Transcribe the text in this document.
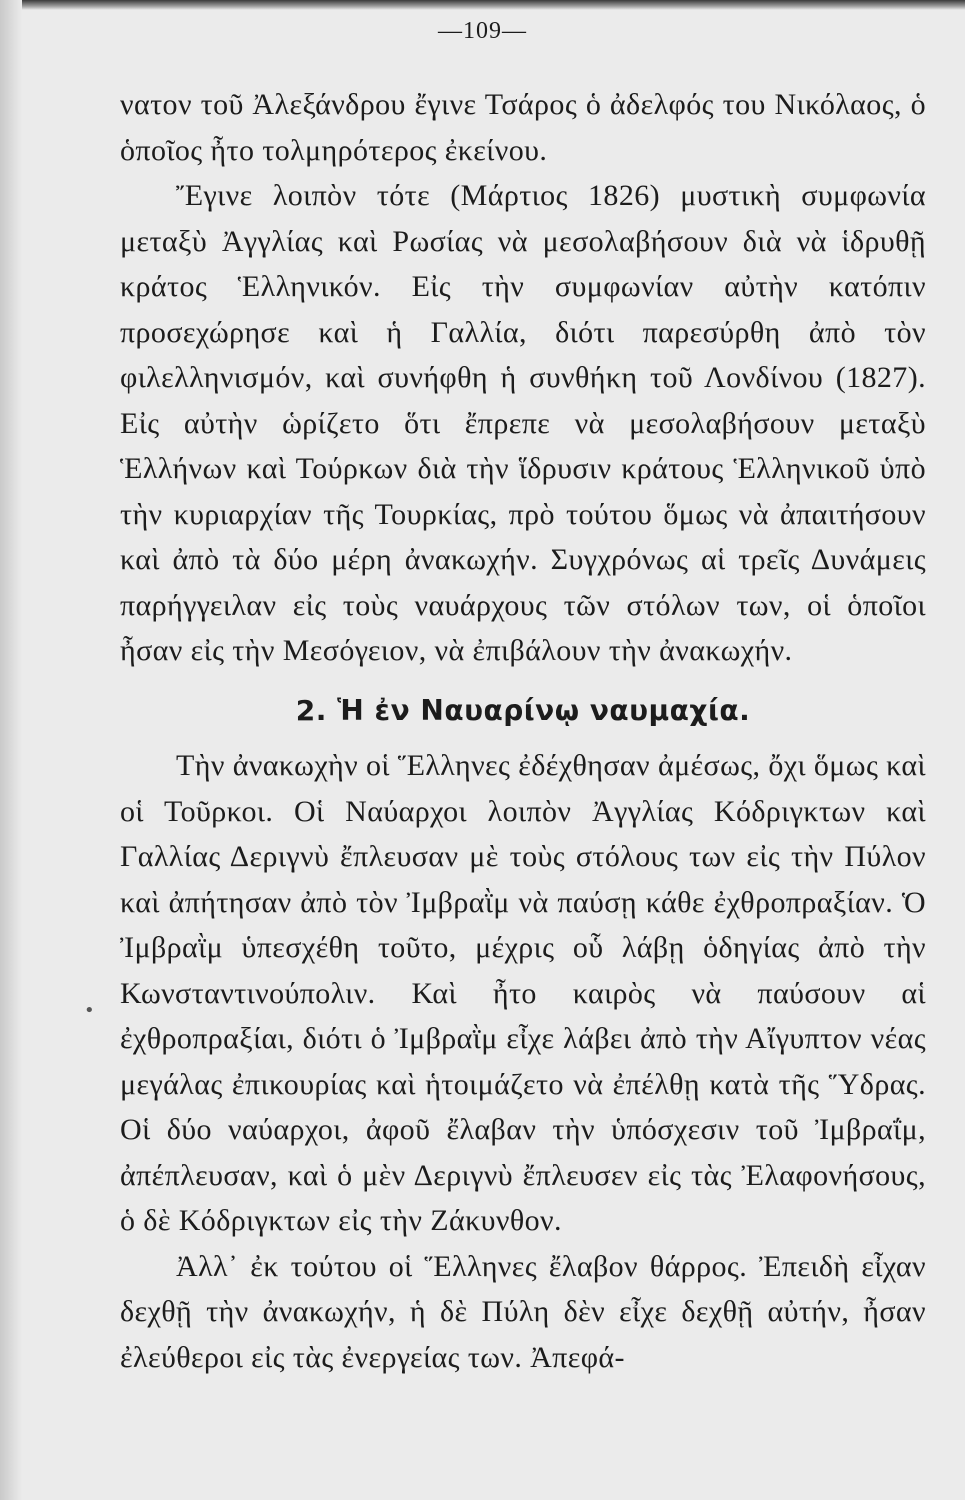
—109—
•

νατον τοῦ Ἀλεξάνδρου ἔγινε Τσάρος ὁ ἀδελφός του Νικόλαος, ὁ ὁποῖος ἦτο τολμηρότερος ἐκείνου.

Ἔγινε λοιπὸν τότε (Μάρτιος 1826) μυστικὴ συμφωνία μεταξὺ Ἀγγλίας καὶ Ρωσίας νὰ μεσολαβήσουν διὰ νὰ ἱδρυθῇ κράτος Ἑλληνικόν. Εἰς τὴν συμφωνίαν αὐτὴν κατόπιν προσεχώρησε καὶ ἡ Γαλλία, διότι παρεσύρθη ἀπὸ τὸν φιλελληνισμόν, καὶ συνήφθη ἡ συνθήκη τοῦ Λονδίνου (1827). Εἰς αὐτὴν ὡρίζετο ὅτι ἔπρεπε νὰ μεσολαβήσουν μεταξὺ Ἑλλήνων καὶ Τούρκων διὰ τὴν ἵδρυσιν κράτους Ἑλληνικοῦ ὑπὸ τὴν κυριαρχίαν τῆς Τουρκίας, πρὸ τούτου ὅμως νὰ ἀπαιτήσουν καὶ ἀπὸ τὰ δύο μέρη ἀνακωχήν. Συγχρόνως αἱ τρεῖς Δυνάμεις παρήγγειλαν εἰς τοὺς ναυάρχους τῶν στόλων των, οἱ ὁποῖοι ἦσαν εἰς τὴν Μεσόγειον, νὰ ἐπιβάλουν τὴν ἀνακωχήν.

2. Ἡ ἐν Ναυαρίνῳ ναυμαχία.

Τὴν ἀνακωχὴν οἱ Ἕλληνες ἐδέχθησαν ἀμέσως, ὄχι ὅμως καὶ οἱ Τοῦρκοι. Οἱ Ναύαρχοι λοιπὸν Ἀγγλίας Κόδριγκτων καὶ Γαλλίας Δεριγνὺ ἔπλευσαν μὲ τοὺς στόλους των εἰς τὴν Πύλον καὶ ἀπήτησαν ἀπὸ τὸν Ἰμβραῒμ νὰ παύσῃ κάθε ἐχθροπραξίαν. Ὁ Ἰμβραῒμ ὑπεσχέθη τοῦτο, μέχρις οὗ λάβῃ ὁδηγίας ἀπὸ τὴν Κωνσταντινούπολιν. Καὶ ἦτο καιρὸς νὰ παύσουν αἱ ἐχθροπραξίαι, διότι ὁ Ἰμβραῒμ εἶχε λάβει ἀπὸ τὴν Αἴγυπτον νέας μεγάλας ἐπικουρίας καὶ ἡτοιμάζετο νὰ ἐπέλθῃ κατὰ τῆς Ὕδρας. Οἱ δύο ναύαρχοι, ἀφοῦ ἔλαβαν τὴν ὑπόσχεσιν τοῦ Ἰμβραΐμ, ἀπέπλευσαν, καὶ ὁ μὲν Δεριγνὺ ἔπλευσεν εἰς τὰς Ἐλαφονήσους, ὁ δὲ Κόδριγκτων εἰς τὴν Ζάκυνθον.

Ἀλλ᾽ ἐκ τούτου οἱ Ἕλληνες ἔλαβον θάρρος. Ἐπειδὴ εἶχαν δεχθῇ τὴν ἀνακωχήν, ἡ δὲ Πύλη δὲν εἶχε δεχθῇ αὐτήν, ἦσαν ἐλεύθεροι εἰς τὰς ἐνεργείας των. Ἀπεφά-
